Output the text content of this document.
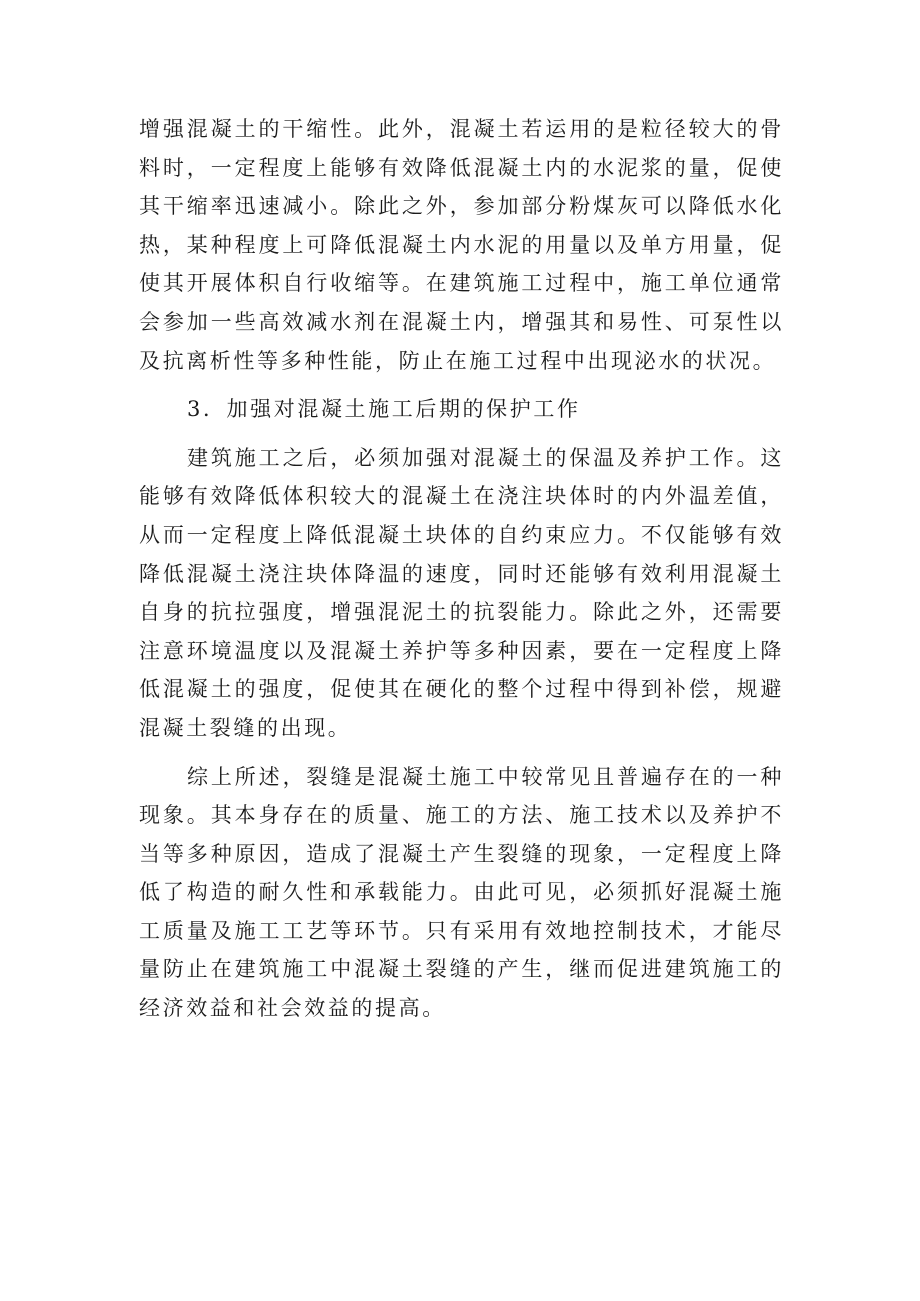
增强混凝土的干缩性。此外，混凝土若运用的是粒径较大的骨料时，一定程度上能够有效降低混凝土内的水泥浆的量，促使其干缩率迅速减小。除此之外，参加部分粉煤灰可以降低水化热，某种程度上可降低混凝土内水泥的用量以及单方用量，促使其开展体积自行收缩等。在建筑施工过程中，施工单位通常会参加一些高效减水剂在混凝土内，增强其和易性、可泵性以及抗离析性等多种性能，防止在施工过程中出现泌水的状况。

3．加强对混凝土施工后期的保护工作

建筑施工之后，必须加强对混凝土的保温及养护工作。这能够有效降低体积较大的混凝土在浇注块体时的内外温差值，从而一定程度上降低混凝土块体的自约束应力。不仅能够有效降低混凝土浇注块体降温的速度，同时还能够有效利用混凝土自身的抗拉强度，增强混泥土的抗裂能力。除此之外，还需要注意环境温度以及混凝土养护等多种因素，要在一定程度上降低混凝土的强度，促使其在硬化的整个过程中得到补偿，规避混凝土裂缝的出现。

综上所述，裂缝是混凝土施工中较常见且普遍存在的一种现象。其本身存在的质量、施工的方法、施工技术以及养护不当等多种原因，造成了混凝土产生裂缝的现象，一定程度上降低了构造的耐久性和承载能力。由此可见，必须抓好混凝土施工质量及施工工艺等环节。只有采用有效地控制技术，才能尽量防止在建筑施工中混凝土裂缝的产生，继而促进建筑施工的经济效益和社会效益的提高。
